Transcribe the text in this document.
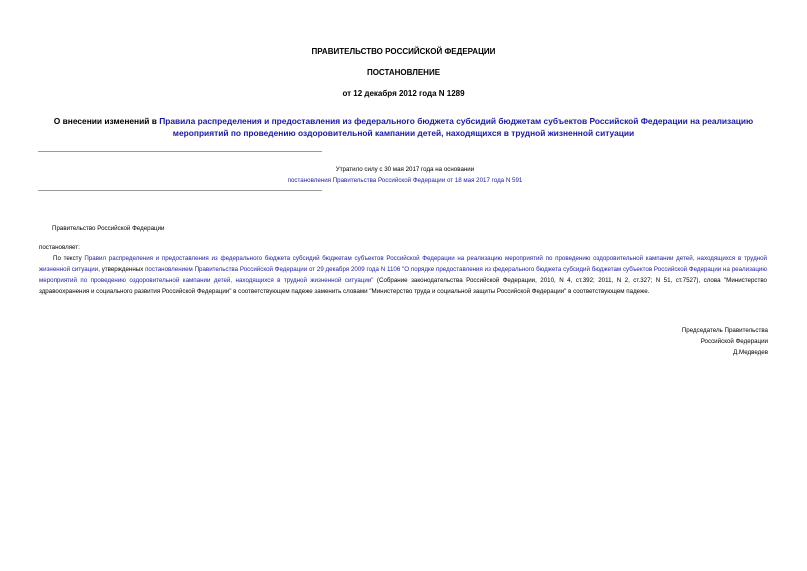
ПРАВИТЕЛЬСТВО РОССИЙСКОЙ ФЕДЕРАЦИИ
ПОСТАНОВЛЕНИЕ
от 12 декабря 2012 года N 1289
О внесении изменений в Правила распределения и предоставления из федерального бюджета субсидий бюджетам субъектов Российской Федерации на реализацию мероприятий по проведению оздоровительной кампании детей, находящихся в трудной жизненной ситуации
Утратило силу с 30 мая 2017 года на основании
постановления Правительства Российской Федерации от 18 мая 2017 года N 591
Правительство Российской Федерации
постановляет:

По тексту Правил распределения и предоставления из федерального бюджета субсидий бюджетам субъектов Российской Федерации на реализацию мероприятий по проведению оздоровительной кампании детей, находящихся в трудной жизненной ситуации, утвержденных постановлением Правительства Российской Федерации от 29 декабря 2009 года N 1106 "О порядке предоставления из федерального бюджета субсидий бюджетам субъектов Российской Федерации на реализацию мероприятий по проведению оздоровительной кампании детей, находящихся в трудной жизненной ситуации" (Собрание законодательства Российской Федерации, 2010, N 4, ст.392; 2011, N 2, ст.327; N 51, ст.7527), слова "Министерство здравоохранения и социального развития Российской Федерации" в соответствующем падеже заменить словами "Министерство труда и социальной защиты Российской Федерации" в соответствующем падеже.

Председатель Правительства
Российской Федерации
Д.Медведев
